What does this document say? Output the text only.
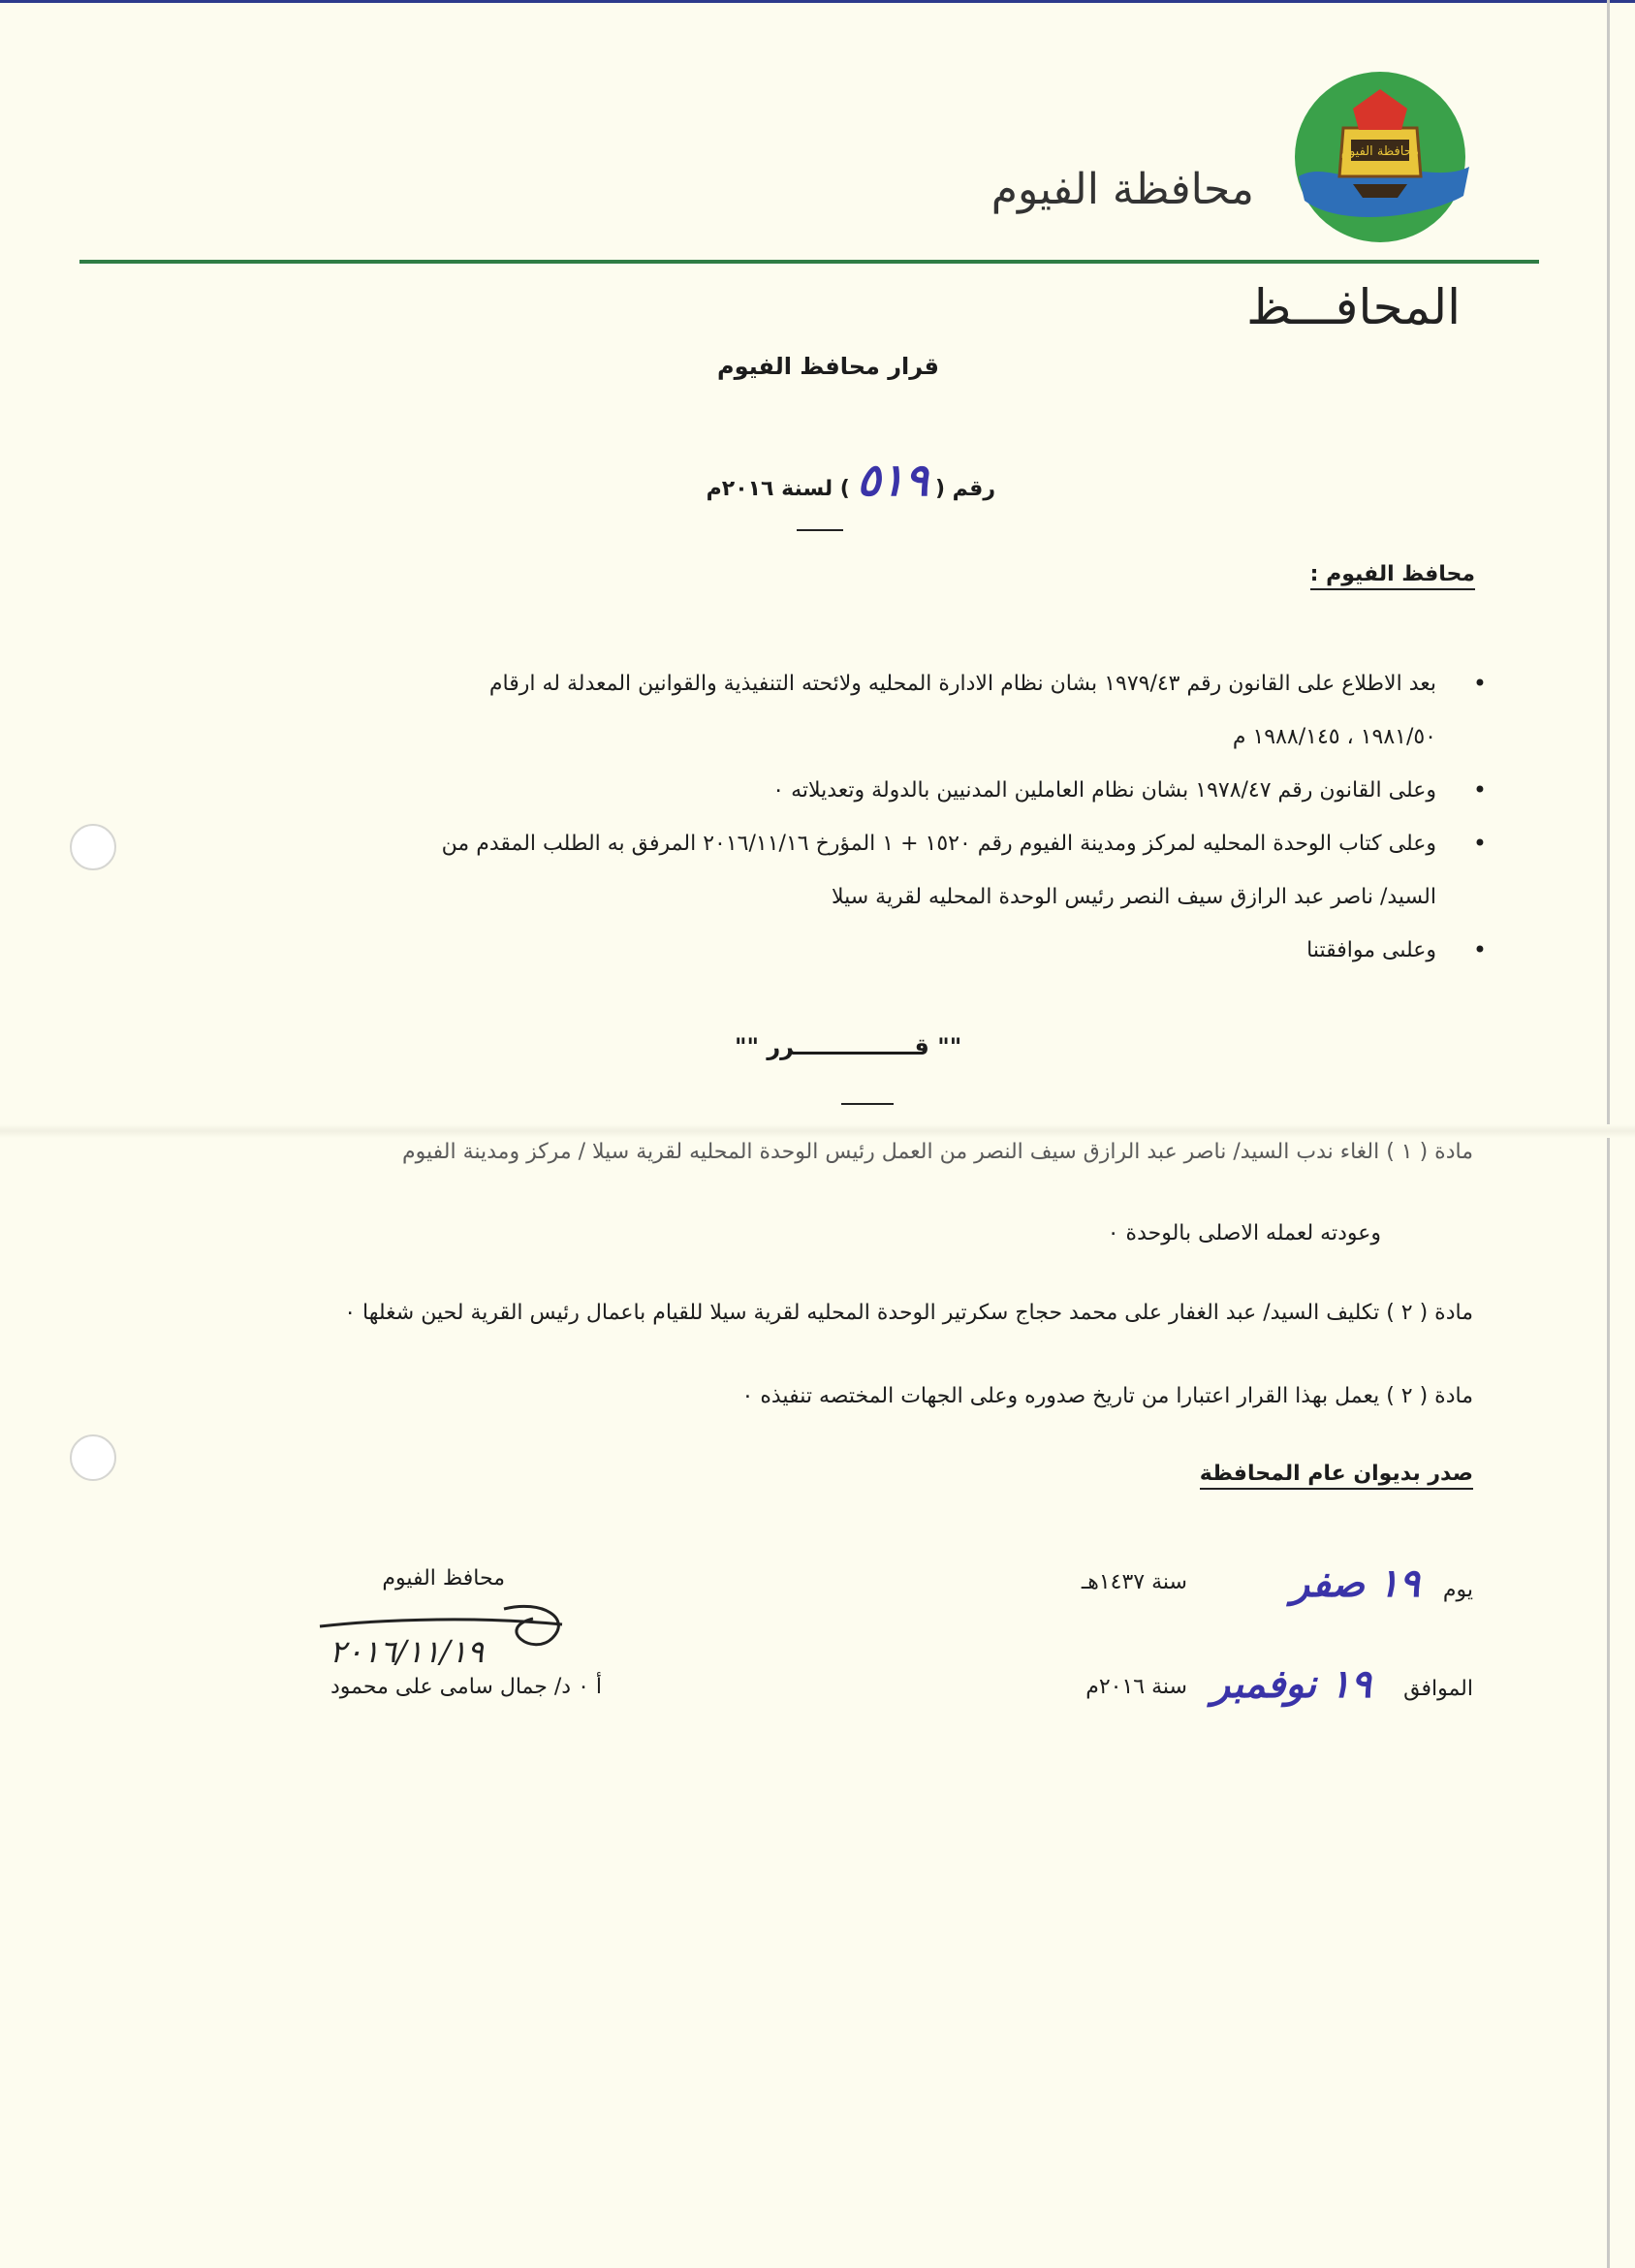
محافظة الفيوم
محافظة الفيوم
المحافـــظ
قرار محافظ الفيوم
رقم ( ٥١٩ ) لسنة ٢٠١٦م
محافظ الفيوم :
• بعد الاطلاع على القانون رقم ١٩٧٩/٤٣ بشان نظام الادارة المحليه ولائحته التنفيذية والقوانين المعدلة له ارقام
١٩٨١/٥٠ ، ١٩٨٨/١٤٥ م
• وعلى القانون رقم ١٩٧٨/٤٧ بشان نظام العاملين المدنيين بالدولة وتعديلاته ٠
• وعلى كتاب الوحدة المحليه لمركز ومدينة الفيوم رقم ١٥٢٠ + ١ المؤرخ ٢٠١٦/١١/١٦ المرفق به الطلب المقدم من
السيد/ ناصر عبد الرازق سيف النصر رئيس الوحدة المحليه لقرية سيلا
• وعلىى موافقتنا
"" قـــــــــــــــرر ""
مادة ( ١ ) الغاء ندب السيد/ ناصر عبد الرازق سيف النصر من العمل رئيس الوحدة المحليه لقرية سيلا / مركز ومدينة الفيوم
وعودته لعمله الاصلى بالوحدة ٠
مادة ( ٢ ) تكليف السيد/ عبد الغفار على محمد حجاج سكرتير الوحدة المحليه لقرية سيلا للقيام باعمال رئيس القرية لحين شغلها ٠
مادة ( ٢ ) يعمل بهذا القرار اعتبارا من تاريخ صدوره وعلى الجهات المختصه تنفيذه ٠
صدر بديوان عام المحافظة
يوم
١٩ صفر
سنة ١٤٣٧هـ
الموافق
١٩ نوفمبر
سنة ٢٠١٦م
محافظ الفيوم
٢٠١٦/١١/١٩
أ ٠ د/ جمال سامى على محمود
